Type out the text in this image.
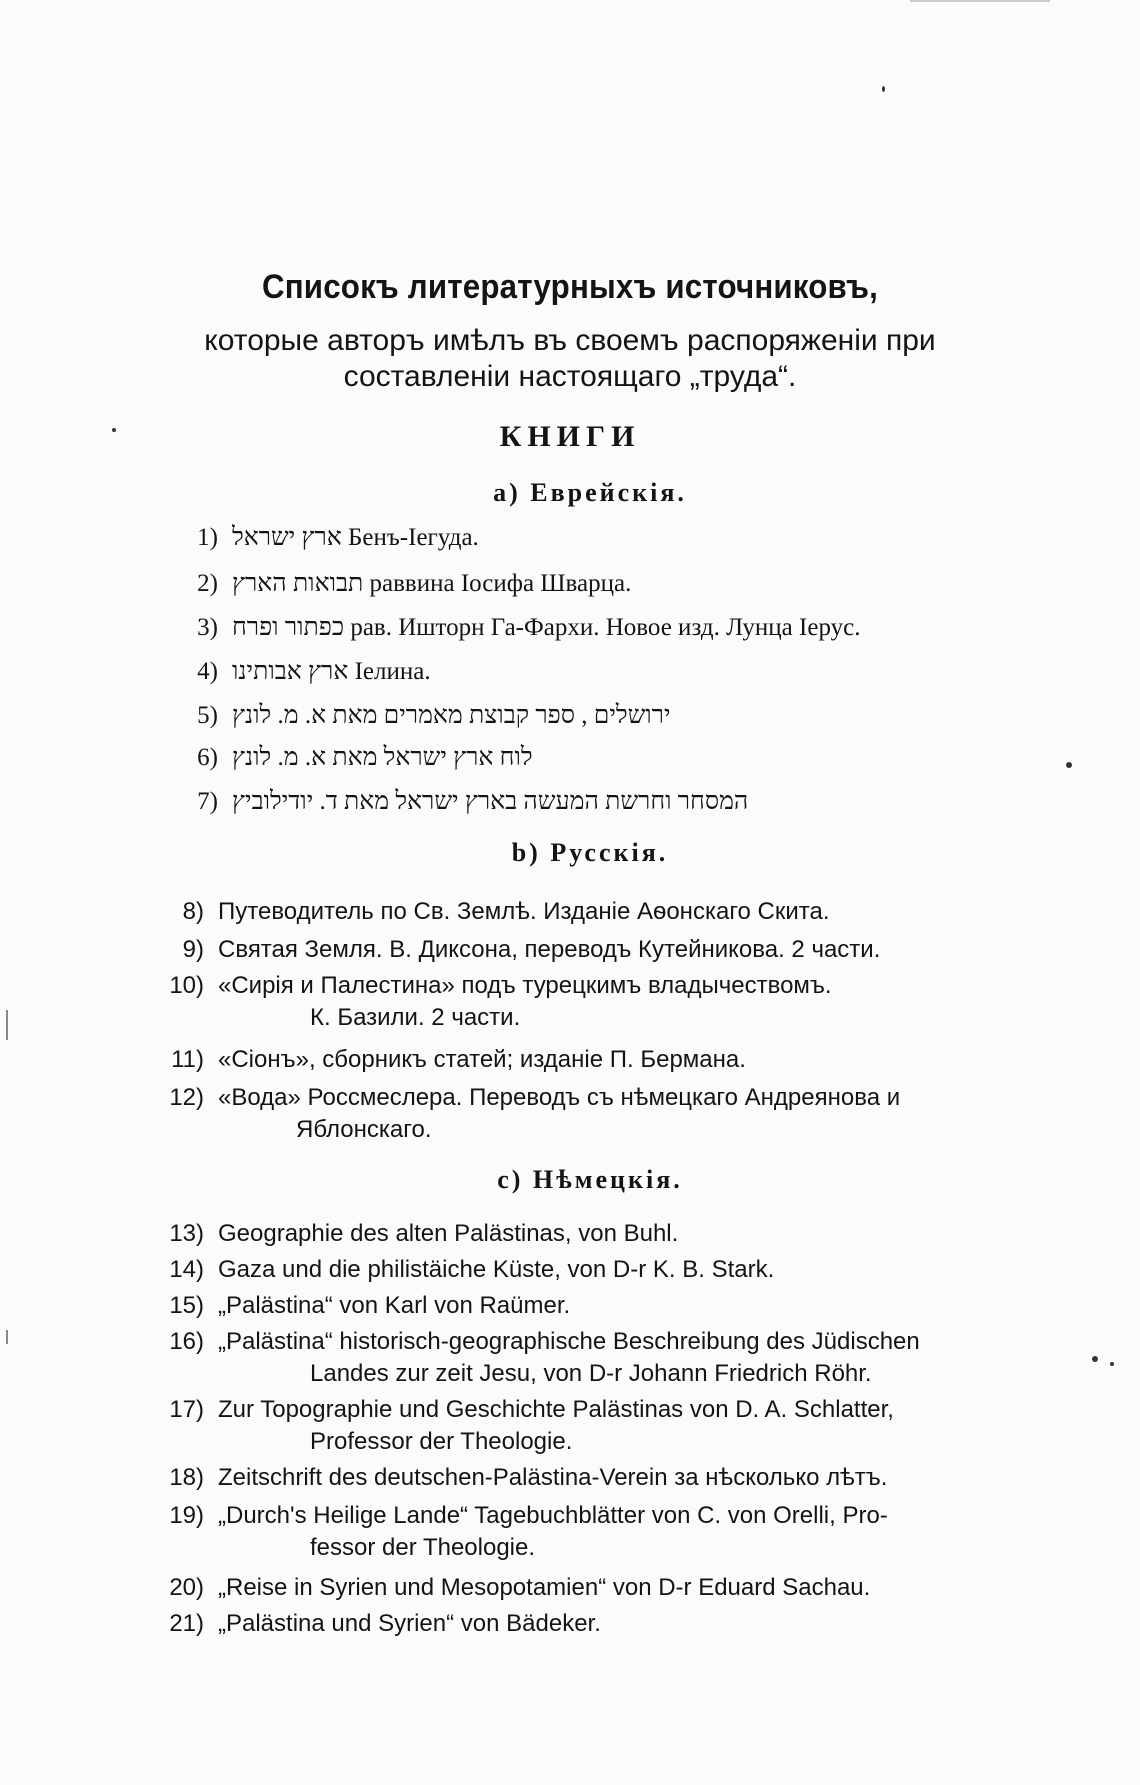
Списокъ литературныхъ источниковъ,
которые авторъ имѣлъ въ своемъ распоряженіи при
составленіи настоящаго „труда“.
КНИГИ
а) Еврейскія.
1) ארץ ישראל Бенъ-Іегуда.
2) תבואות הארץ раввина Іосифа Шварца.
3) כפתור ופרח рав. Ишторн Га-Фархи. Новое изд. Лунца Іерус.
4) ארץ אבותינו Іелина.
5) ירושלים , ספר קבוצת מאמרים מאת א. מ. לונץ
6) לוח ארץ ישראל מאת א. מ. לונץ
7) המסחר וחרשת המעשה בארץ ישראל מאת ד. יודילוביץ
b) Русскія.
8) Путеводитель по Св. Землѣ. Изданіе Аѳонскаго Скита.
9) Святая Земля. В. Диксона, переводъ Кутейникова. 2 части.
10) «Сирія и Палестина» подъ турецкимъ владычествомъ.
К. Базили. 2 части.
11) «Сіонъ», сборникъ статей; изданіе П. Бермана.
12) «Вода» Россмеслера. Переводъ съ нѣмецкаго Андреянова и
Яблонскаго.
с) Нѣмецкія.
13) Geographie des alten Palästinas, von Buhl.
14) Gaza und die philistäiche Küste, von D-r K. B. Stark.
15) „Palästina“ von Karl von Raümer.
16) „Palästina“ historisch-geographische Beschreibung des Jüdischen
Landes zur zeit Jesu, von D-r Johann Friedrich Röhr.
17) Zur Topographie und Geschichte Palästinas von D. A. Schlatter,
Professor der Theologie.
18) Zeitschrift des deutschen-Palästina-Verein за нѣсколько лѣтъ.
19) „Durch's Heilige Lande“ Tagebuchblätter von C. von Orelli, Pro-
fessor der Theologie.
20) „Reise in Syrien und Mesopotamien“ von D-r Eduard Sachau.
21) „Palästina und Syrien“ von Bädeker.
